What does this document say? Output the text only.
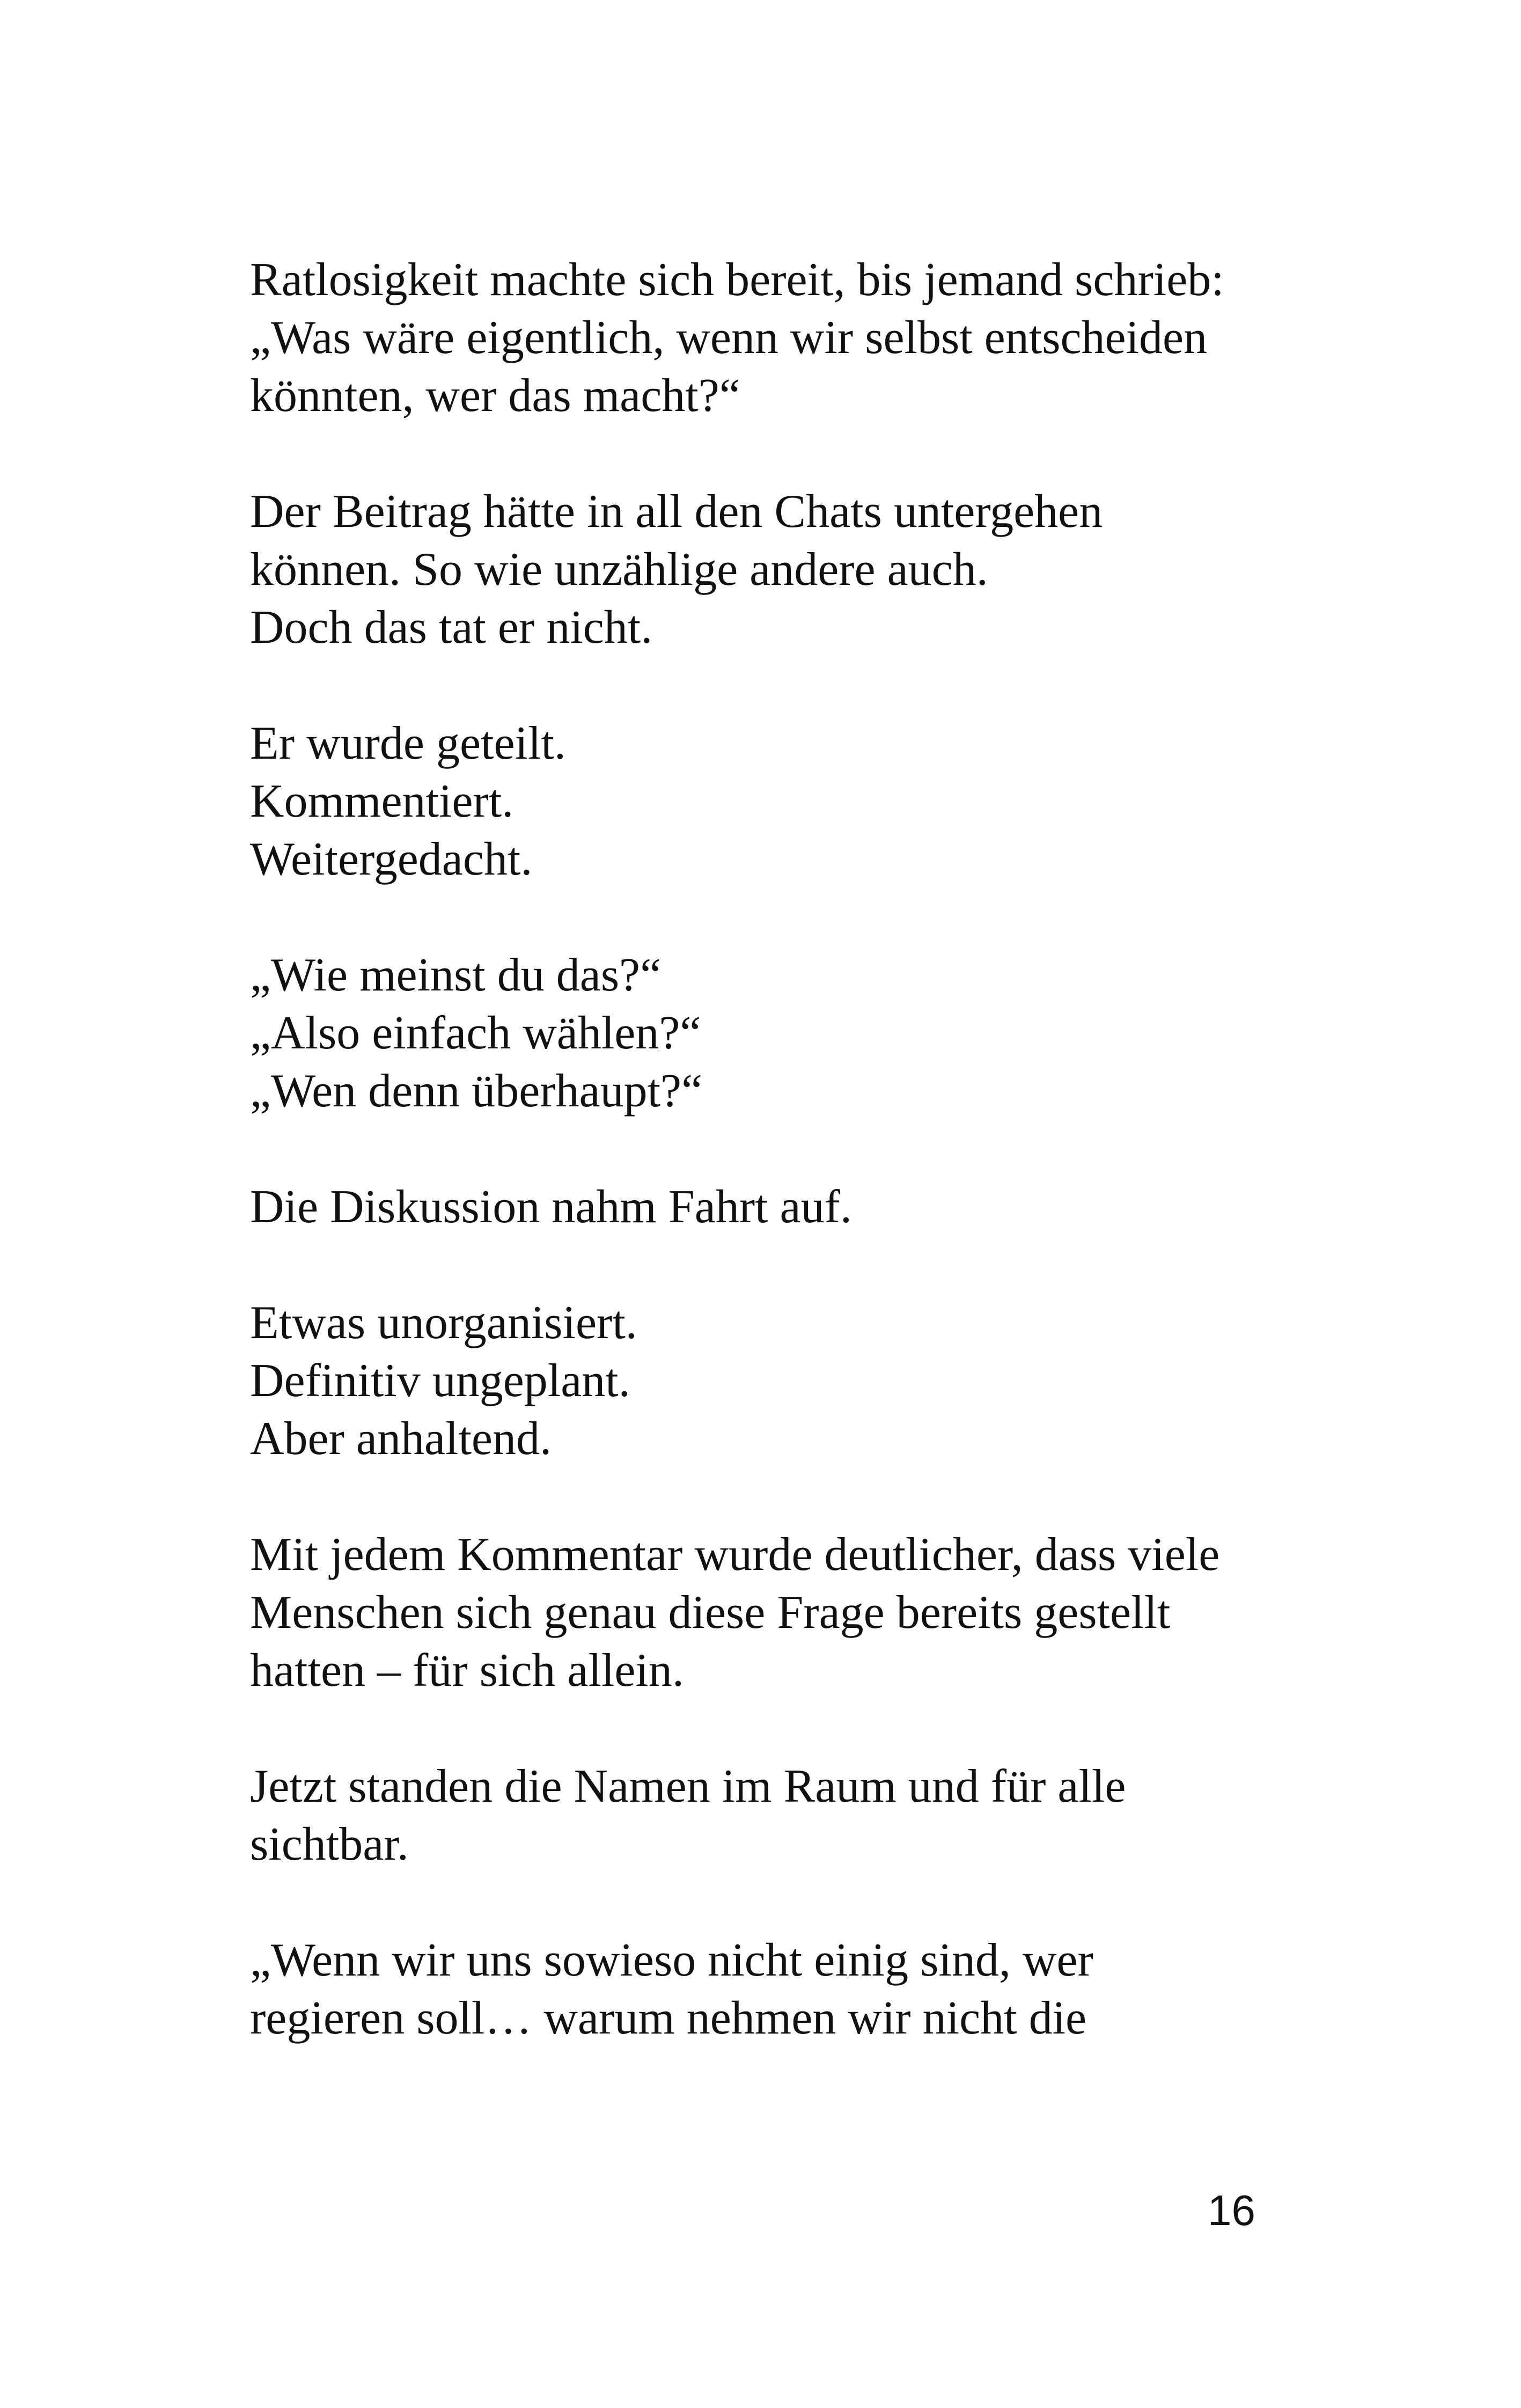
Ratlosigkeit machte sich bereit, bis jemand schrieb:
„Was wäre eigentlich, wenn wir selbst entscheiden
könnten, wer das macht?“

Der Beitrag hätte in all den Chats untergehen
können. So wie unzählige andere auch.
Doch das tat er nicht.

Er wurde geteilt.
Kommentiert.
Weitergedacht.

„Wie meinst du das?“
„Also einfach wählen?“
„Wen denn überhaupt?“

Die Diskussion nahm Fahrt auf.

Etwas unorganisiert.
Definitiv ungeplant.
Aber anhaltend.

Mit jedem Kommentar wurde deutlicher, dass viele
Menschen sich genau diese Frage bereits gestellt
hatten – für sich allein.

Jetzt standen die Namen im Raum und für alle
sichtbar.

„Wenn wir uns sowieso nicht einig sind, wer
regieren soll… warum nehmen wir nicht die

16
